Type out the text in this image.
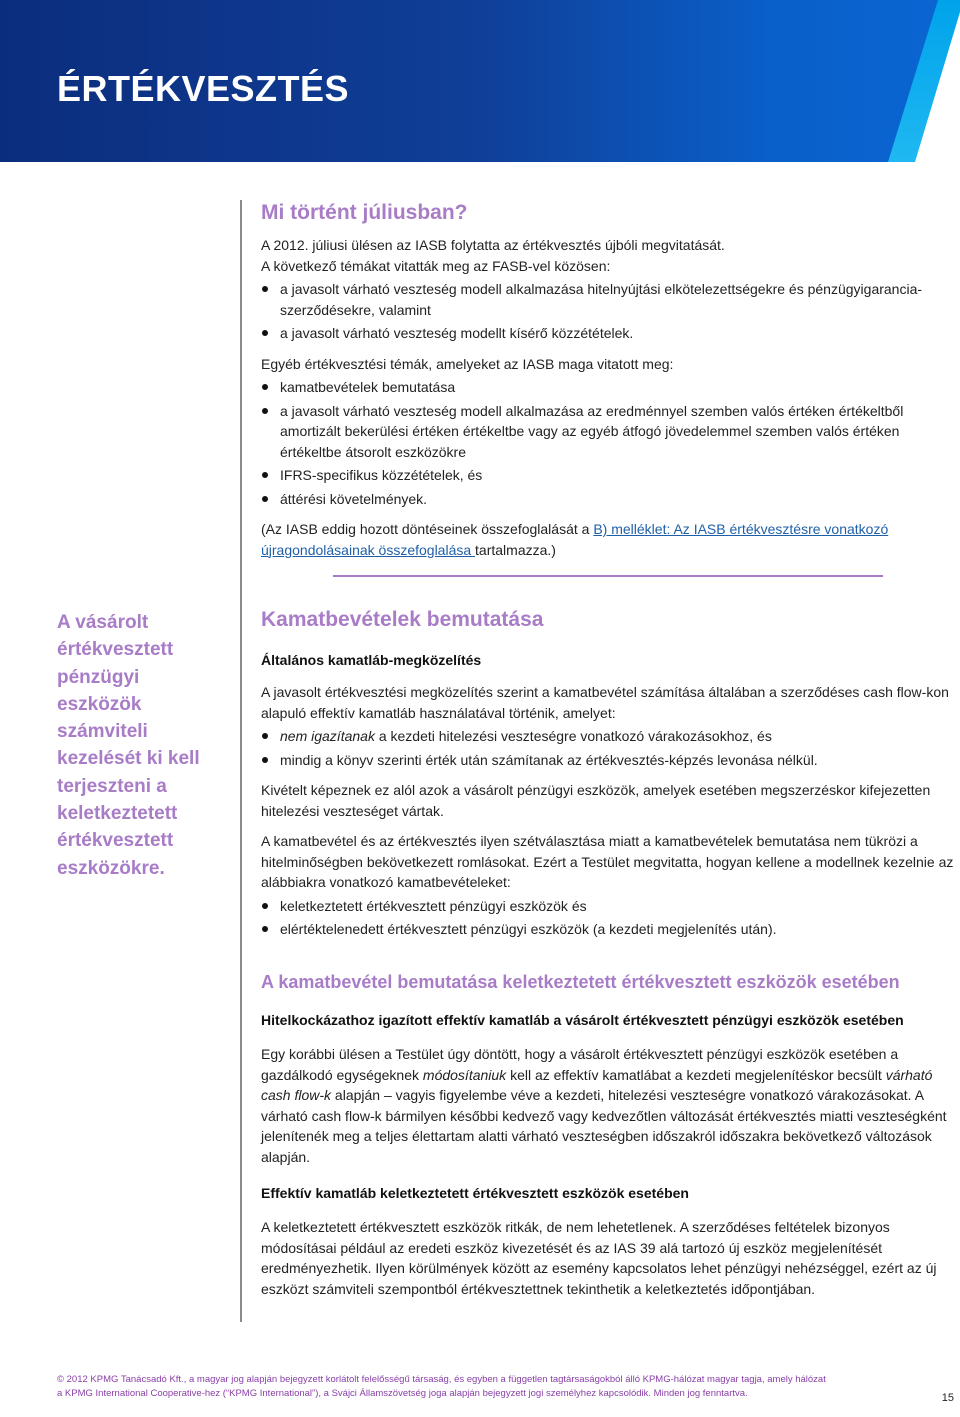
ÉRTÉKVESZTÉS

A vásárolt értékvesztett pénzügyi eszközök számviteli kezelését ki kell terjeszteni a keletkeztetett értékvesztett eszközökre.

Mi történt júliusban?

A 2012. júliusi ülésen az IASB folytatta az értékvesztés újbóli megvitatását.

A következő témákat vitatták meg az FASB-vel közösen:

a javasolt várható veszteség modell alkalmazása hitelnyújtási elkötelezettségekre és pénzügyigarancia-szerződésekre, valamint
a javasolt várható veszteség modellt kísérő közzétételek.

Egyéb értékvesztési témák, amelyeket az IASB maga vitatott meg:

kamatbevételek bemutatása
a javasolt várható veszteség modell alkalmazása az eredménnyel szemben valós értéken értékeltből amortizált bekerülési értéken értékeltbe vagy az egyéb átfogó jövedelemmel szemben valós értéken értékeltbe átsorolt eszközökre
IFRS-specifikus közzétételek, és
áttérési követelmények.

(Az IASB eddig hozott döntéseinek összefoglalását a B) melléklet: Az IASB értékvesztésre vonatkozó újragondolásainak összefoglalása tartalmazza.)

Kamatbevételek bemutatása
Általános kamatláb-megközelítés

A javasolt értékvesztési megközelítés szerint a kamatbevétel számítása általában a szerződéses cash flow-kon alapuló effektív kamatláb használatával történik, amelyet:

nem igazítanak a kezdeti hitelezési veszteségre vonatkozó várakozásokhoz, és
mindig a könyv szerinti érték után számítanak az értékvesztés-képzés levonása nélkül.

Kivételt képeznek ez alól azok a vásárolt pénzügyi eszközök, amelyek esetében megszerzéskor kifejezetten hitelezési veszteséget vártak.

A kamatbevétel és az értékvesztés ilyen szétválasztása miatt a kamatbevételek bemutatása nem tükrözi a hitelminőségben bekövetkezett romlásokat. Ezért a Testület megvitatta, hogyan kellene a modellnek kezelnie az alábbiakra vonatkozó kamatbevételeket:

keletkeztetett értékvesztett pénzügyi eszközök és
elértéktelenedett értékvesztett pénzügyi eszközök (a kezdeti megjelenítés után).
A kamatbevétel bemutatása keletkeztetett értékvesztett eszközök esetében
Hitelkockázathoz igazított effektív kamatláb a vásárolt értékvesztett pénzügyi eszközök esetében

Egy korábbi ülésen a Testület úgy döntött, hogy a vásárolt értékvesztett pénzügyi eszközök esetében a gazdálkodó egységeknek módosítaniuk kell az effektív kamatlábat a kezdeti megjelenítéskor becsült várható cash flow-k alapján – vagyis figyelembe véve a kezdeti, hitelezési veszteségre vonatkozó várakozásokat. A várható cash flow-k bármilyen későbbi kedvező vagy kedvezőtlen változását értékvesztés miatti veszteségként jelenítenék meg a teljes élettartam alatti várható veszteségben időszakról időszakra bekövetkező változások alapján.

Effektív kamatláb keletkeztetett értékvesztett eszközök esetében

A keletkeztetett értékvesztett eszközök ritkák, de nem lehetetlenek. A szerződéses feltételek bizonyos módosításai például az eredeti eszköz kivezetését és az IAS 39 alá tartozó új eszköz megjelenítését eredményezhetik. Ilyen körülmények között az esemény kapcsolatos lehet pénzügyi nehézséggel, ezért az új eszközt számviteli szempontból értékvesztettnek tekinthetik a keletkeztetés időpontjában.

© 2012 KPMG Tanácsadó Kft., a magyar jog alapján bejegyzett korlátolt felelősségű társaság, és egyben a független tagtársaságokból álló KPMG-hálózat magyar tagja, amely hálózat a KPMG International Cooperative-hez (“KPMG International”), a Svájci Államszövetség joga alapján bejegyzett jogi személyhez kapcsolódik. Minden jog fenntartva.	15
